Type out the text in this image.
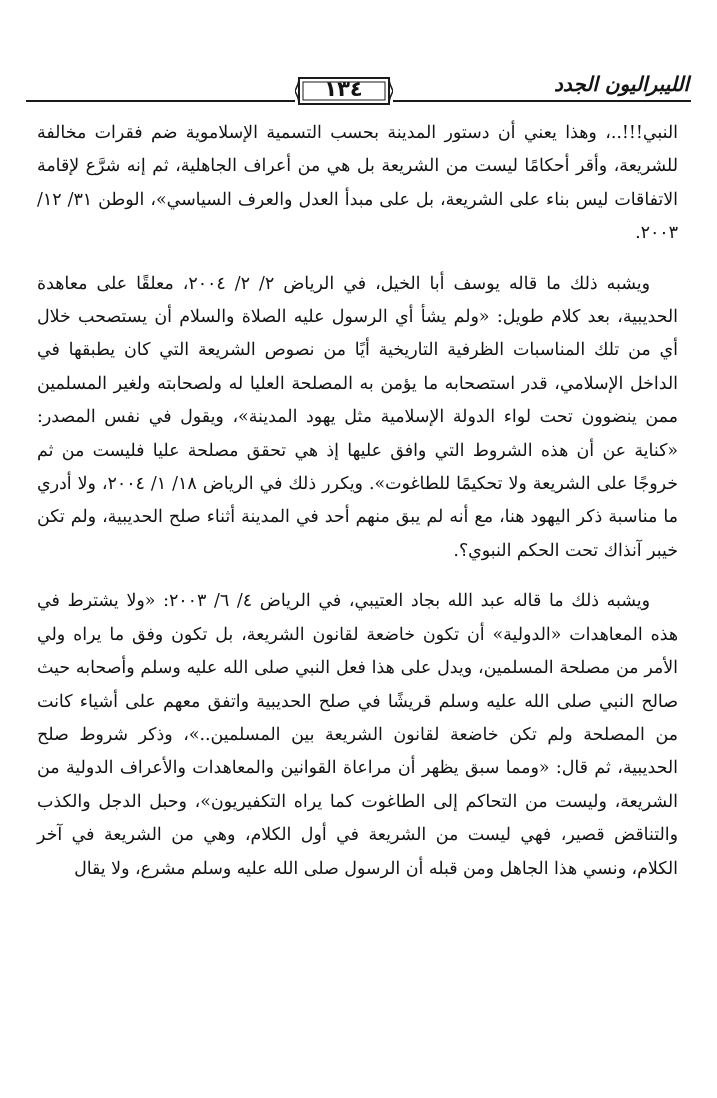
١٣٤	الليبراليون الجدد

النبي!!!..، وهذا يعني أن دستور المدينة بحسب التسمية الإسلاموية ضم فقرات مخالفة للشريعة، وأقر أحكامًا ليست من الشريعة بل هي من أعراف الجاهلية، ثم إنه شرَّع لإقامة الاتفاقات ليس بناء على الشريعة، بل على مبدأ العدل والعرف السياسي»، الوطن ٣١/ ١٢/ ٢٠٠٣.

ويشبه ذلك ما قاله يوسف أبا الخيل، في الرياض ٢/ ٢/ ٢٠٠٤، معلقًا على معاهدة الحديبية، بعد كلام طويل: «ولم يشأ أي الرسول عليه الصلاة والسلام أن يستصحب خلال أي من تلك المناسبات الظرفية التاريخية أيًا من نصوص الشريعة التي كان يطبقها في الداخل الإسلامي، قدر استصحابه ما يؤمن به المصلحة العليا له ولصحابته ولغير المسلمين ممن ينضوون تحت لواء الدولة الإسلامية مثل يهود المدينة»، ويقول في نفس المصدر: «كناية عن أن هذه الشروط التي وافق عليها إذ هي تحقق مصلحة عليا فليست من ثم خروجًا على الشريعة ولا تحكيمًا للطاغوت». ويكرر ذلك في الرياض ١٨/ ١/ ٢٠٠٤، ولا أدري ما مناسبة ذكر اليهود هنا، مع أنه لم يبق منهم أحد في المدينة أثناء صلح الحديبية، ولم تكن خيبر آنذاك تحت الحكم النبوي؟.

ويشبه ذلك ما قاله عبد الله بجاد العتيبي، في الرياض ٤/ ٦/ ٢٠٠٣: «ولا يشترط في هذه المعاهدات «الدولية» أن تكون خاضعة لقانون الشريعة، بل تكون وفق ما يراه ولي الأمر من مصلحة المسلمين، ويدل على هذا فعل النبي صلى الله عليه وسلم وأصحابه حيث صالح النبي صلى الله عليه وسلم قريشًا في صلح الحديبية واتفق معهم على أشياء كانت من المصلحة ولم تكن خاضعة لقانون الشريعة بين المسلمين..»، وذكر شروط صلح الحديبية، ثم قال: «ومما سبق يظهر أن مراعاة القوانين والمعاهدات والأعراف الدولية من الشريعة، وليست من التحاكم إلى الطاغوت كما يراه التكفيريون»، وحبل الدجل والكذب والتناقض قصير، فهي ليست من الشريعة في أول الكلام، وهي من الشريعة في آخر الكلام، ونسي هذا الجاهل ومن قبله أن الرسول صلى الله عليه وسلم مشرع، ولا يقال
